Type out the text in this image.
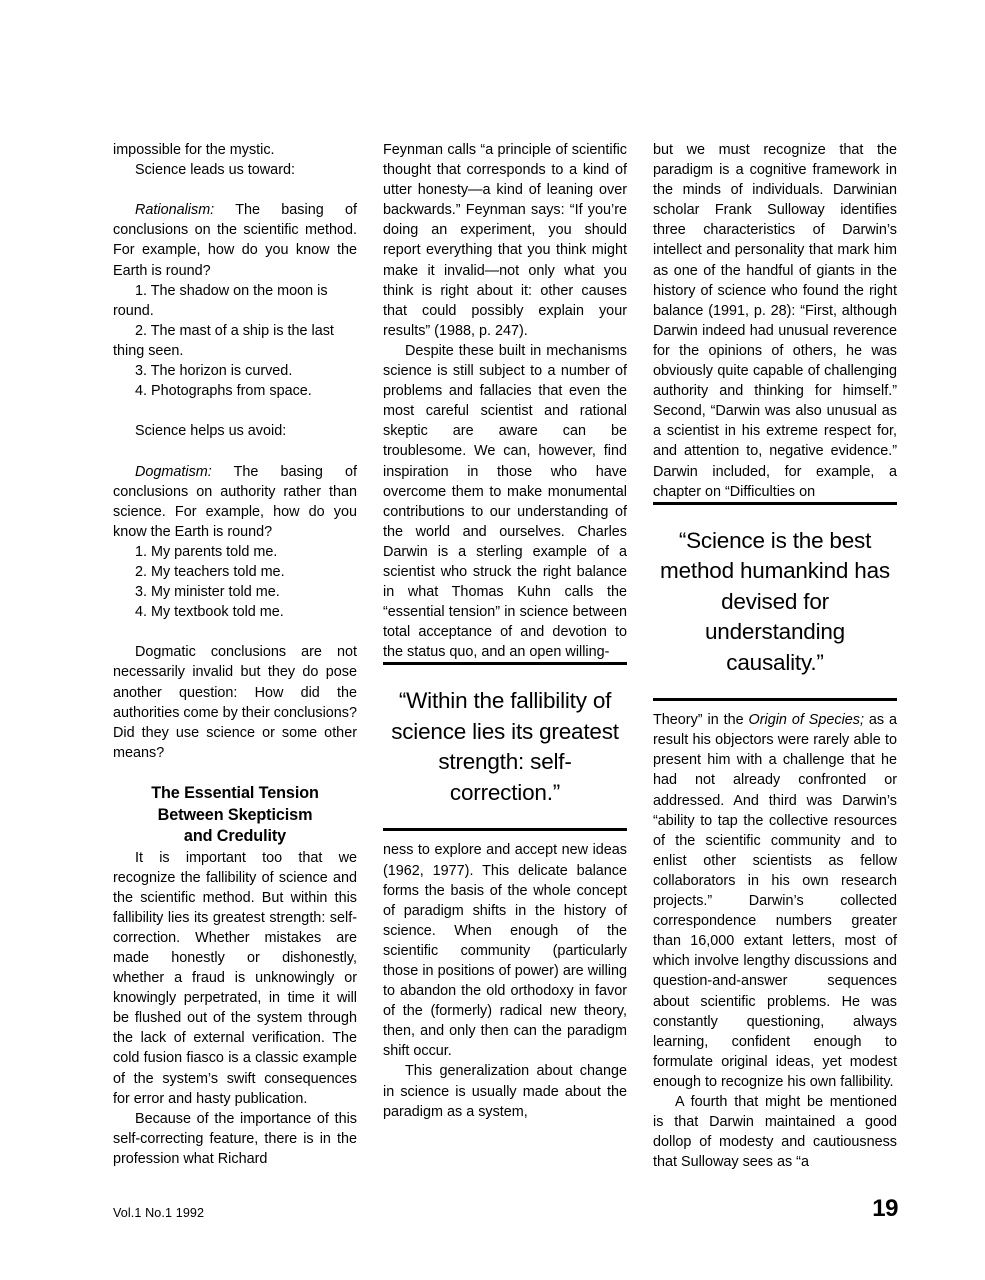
impossible for the mystic.

Science leads us toward:

Rationalism: The basing of conclusions on the scientific method. For example, how do you know the Earth is round?

1. The shadow on the moon is round.

2. The mast of a ship is the last thing seen.

3. The horizon is curved.

4. Photographs from space.

Science helps us avoid:

Dogmatism: The basing of conclusions on authority rather than science. For example, how do you know the Earth is round?

1. My parents told me.

2. My teachers told me.

3. My minister told me.

4. My textbook told me.

Dogmatic conclusions are not necessarily invalid but they do pose another question: How did the authorities come by their conclusions? Did they use science or some other means?

The Essential Tension
Between Skepticism
and Credulity

It is important too that we recognize the fallibility of science and the scientific method. But within this fallibility lies its greatest strength: self-correction. Whether mistakes are made honestly or dishonestly, whether a fraud is unknowingly or knowingly perpetrated, in time it will be flushed out of the system through the lack of external verification. The cold fusion fiasco is a classic example of the system’s swift consequences for error and hasty publication.

Because of the importance of this self-correcting feature, there is in the profession what Richard

Feynman calls “a principle of scientific thought that corresponds to a kind of utter honesty—a kind of leaning over backwards.” Feynman says: “If you’re doing an experiment, you should report everything that you think might make it invalid—not only what you think is right about it: other causes that could possibly explain your results” (1988, p. 247).

Despite these built in mechanisms science is still subject to a number of problems and fallacies that even the most careful scientist and rational skeptic are aware can be troublesome. We can, however, find inspiration in those who have overcome them to make monumental contributions to our understanding of the world and ourselves. Charles Darwin is a sterling example of a scientist who struck the right balance in what Thomas Kuhn calls the “essential tension” in science between total acceptance of and devotion to the status quo, and an open willing-

“Within the fallibility of science lies its greatest strength: self-correction.”

ness to explore and accept new ideas (1962, 1977). This delicate balance forms the basis of the whole concept of paradigm shifts in the history of science. When enough of the scientific community (particularly those in positions of power) are willing to abandon the old orthodoxy in favor of the (formerly) radical new theory, then, and only then can the paradigm shift occur.

This generalization about change in science is usually made about the paradigm as a system,

but we must recognize that the paradigm is a cognitive framework in the minds of individuals. Darwinian scholar Frank Sulloway identifies three characteristics of Darwin’s intellect and personality that mark him as one of the handful of giants in the history of science who found the right balance (1991, p. 28): “First, although Darwin indeed had unusual reverence for the opinions of others, he was obviously quite capable of challenging authority and thinking for himself.” Second, “Darwin was also unusual as a scientist in his extreme respect for, and attention to, negative evidence.” Darwin included, for example, a chapter on “Difficulties on

“Science is the best method humankind has devised for understanding causality.”

Theory” in the Origin of Species; as a result his objectors were rarely able to present him with a challenge that he had not already confronted or addressed. And third was Darwin’s “ability to tap the collective resources of the scientific community and to enlist other scientists as fellow collaborators in his own research projects.” Darwin’s collected correspondence numbers greater than 16,000 extant letters, most of which involve lengthy discussions and question-and-answer sequences about scientific problems. He was constantly questioning, always learning, confident enough to formulate original ideas, yet modest enough to recognize his own fallibility.

A fourth that might be mentioned is that Darwin maintained a good dollop of modesty and cautiousness that Sulloway sees as “a

Vol.1 No.1 1992	19
